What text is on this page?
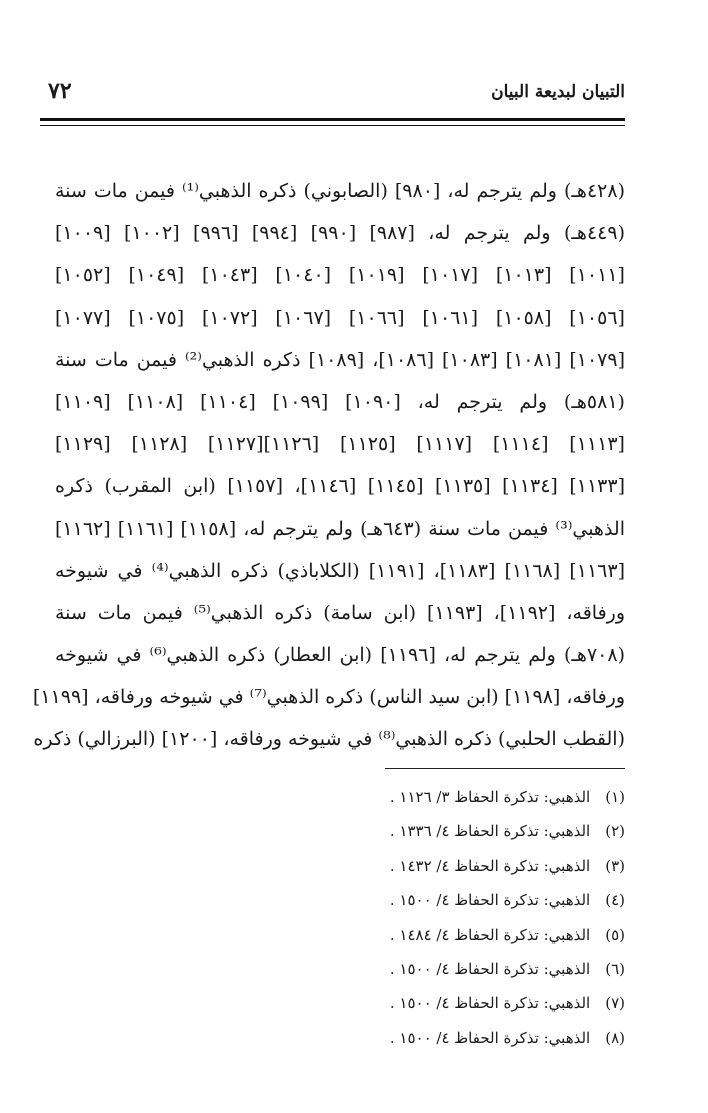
التبيان لبديعة البيان
٧٢
(٤٢٨هـ) ولم يترجم له، [٩٨٠] (الصابوني) ذكره الذهبي⁽¹⁾ فيمن مات سنة
(٤٤٩هـ) ولم يترجم له، [٩٨٧] [٩٩٠] [٩٩٤] [٩٩٦] [١٠٠٢] [١٠٠٩]
[١٠١١] [١٠١٣] [١٠١٧] [١٠١٩] [١٠٤٠] [١٠٤٣] [١٠٤٩] [١٠٥٢]
[١٠٥٦] [١٠٥٨] [١٠٦١] [١٠٦٦] [١٠٦٧] [١٠٧٢] [١٠٧٥] [١٠٧٧]
[١٠٧٩] [١٠٨١] [١٠٨٣] [١٠٨٦]، [١٠٨٩] ذكره الذهبي⁽²⁾ فيمن مات سنة
(٥٨١هـ) ولم يترجم له، [١٠٩٠] [١٠٩٩] [١١٠٤] [١١٠٨] [١١٠٩]
[١١١٣] [١١١٤] [١١١٧] [١١٢٥] [١١٢٦][١١٢٧] [١١٢٨] [١١٢٩]
[١١٣٣] [١١٣٤] [١١٣٥] [١١٤٥] [١١٤٦]، [١١٥٧] (ابن المقرب) ذكره
الذهبي⁽³⁾ فيمن مات سنة (٦٤٣هـ) ولم يترجم له، [١١٥٨] [١١٦١] [١١٦٢]
[١١٦٣] [١١٦٨] [١١٨٣]، [١١٩١] (الكلاباذي) ذكره الذهبي⁽⁴⁾ في شيوخه
ورفاقه، [١١٩٢]، [١١٩٣] (ابن سامة) ذكره الذهبي⁽⁵⁾ فيمن مات سنة
(٧٠٨هـ) ولم يترجم له، [١١٩٦] (ابن العطار) ذكره الذهبي⁽⁶⁾ في شيوخه
ورفاقه، [١١٩٨] (ابن سيد الناس) ذكره الذهبي⁽⁷⁾ في شيوخه ورفاقه، [١١٩٩]
(القطب الحلبي) ذكره الذهبي⁽⁸⁾ في شيوخه ورفاقه، [١٢٠٠] (البرزالي) ذكره
(١) الذهبي: تذكرة الحفاظ ٣/ ١١٢٦ .
(٢) الذهبي: تذكرة الحفاظ ٤/ ١٣٣٦ .
(٣) الذهبي: تذكرة الحفاظ ٤/ ١٤٣٢ .
(٤) الذهبي: تذكرة الحفاظ ٤/ ١٥٠٠ .
(٥) الذهبي: تذكرة الحفاظ ٤/ ١٤٨٤ .
(٦) الذهبي: تذكرة الحفاظ ٤/ ١٥٠٠ .
(٧) الذهبي: تذكرة الحفاظ ٤/ ١٥٠٠ .
(٨) الذهبي: تذكرة الحفاظ ٤/ ١٥٠٠ .
